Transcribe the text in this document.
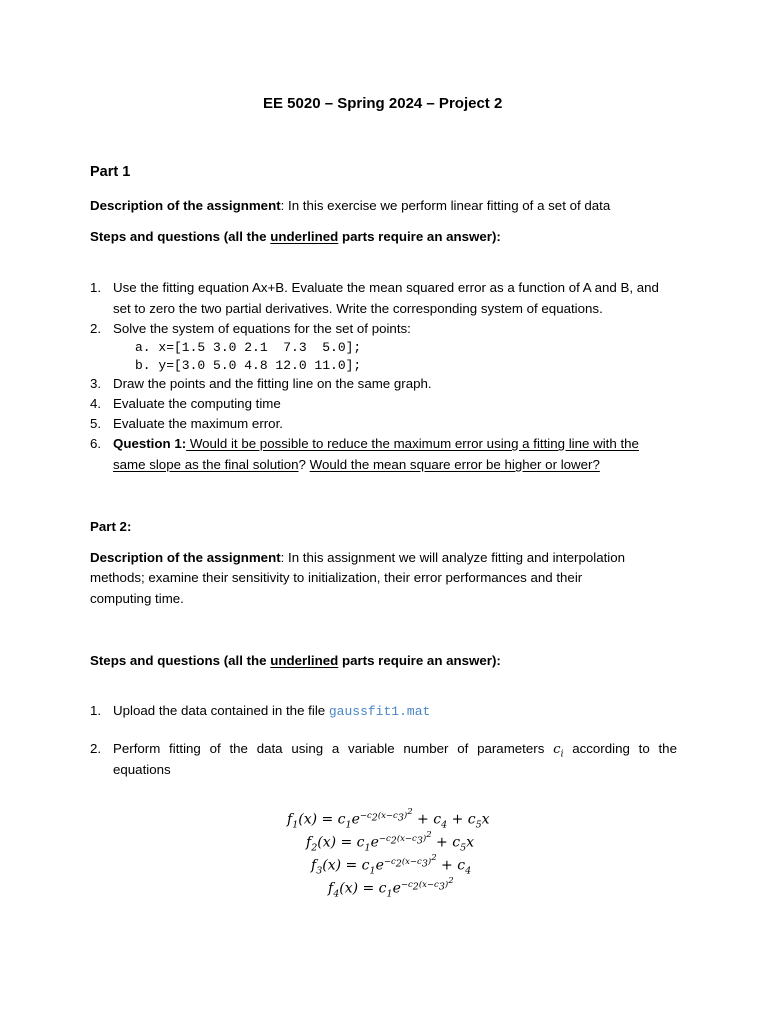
EE 5020 – Spring 2024 – Project 2
Part 1
Description of the assignment: In this exercise we perform linear fitting of a set of data
Steps and questions (all the underlined parts require an answer):
1. Use the fitting equation Ax+B. Evaluate the mean squared error as a function of A and B, and
set to zero the two partial derivatives. Write the corresponding system of equations.
2. Solve the system of equations for the set of points:
a. x=[1.5 3.0 2.1  7.3  5.0];
b. y=[3.0 5.0 4.8 12.0 11.0];
3. Draw the points and the fitting line on the same graph.
4. Evaluate the computing time
5. Evaluate the maximum error.
6. Question 1: Would it be possible to reduce the maximum error using a fitting line with the
same slope as the final solution? Would the mean square error be higher or lower?
Part 2:
Description of the assignment: In this assignment we will analyze fitting and interpolation
methods; examine their sensitivity to initialization, their error performances and their
computing time.
Steps and questions (all the underlined parts require an answer):
1. Upload the data contained in the file gaussfit1.mat
2. Perform fitting of the data using a variable number of parameters $c_i$ according to the
equations
$f_1(x) = c_1e^{-c_2(x-c_3)^2} + c_4 + c_5x$
$f_2(x) = c_1e^{-c_2(x-c_3)^2} + c_5x$
$f_3(x) = c_1e^{-c_2(x-c_3)^2} + c_4$
$f_4(x) = c_1e^{-c_2(x-c_3)^2}$
